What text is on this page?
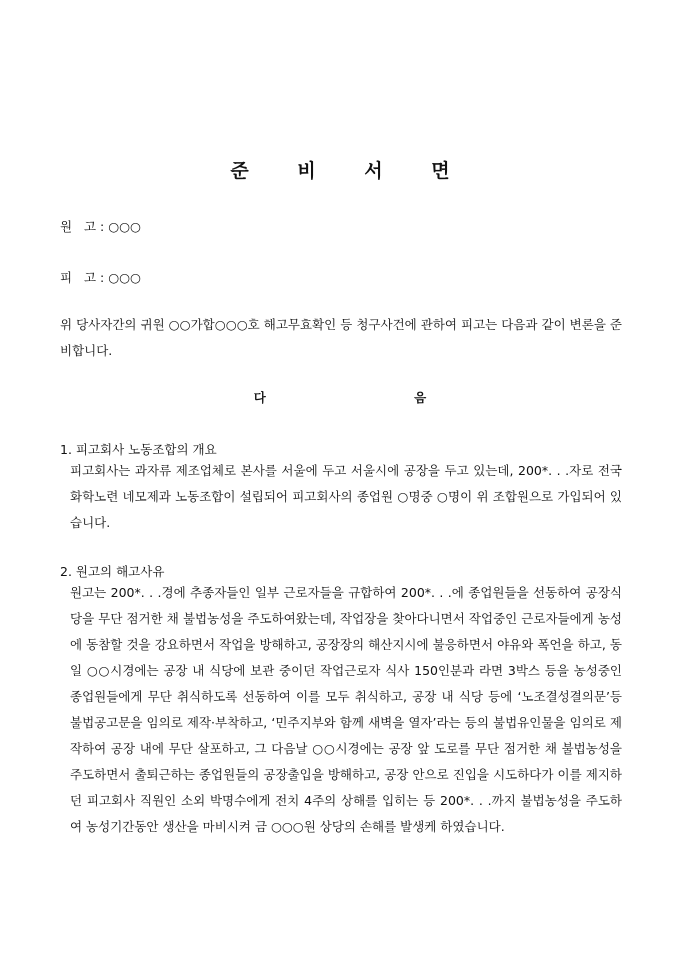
준 비 서 면
원   고 : ○○○
피   고 : ○○○

위 당사자간의 귀원 ○○가합○○○호 해고무효확인 등 청구사건에 관하여 피고는 다음과 같이 변론을 준비합니다.

다 음
1. 피고회사 노동조합의 개요

피고회사는 과자류 제조업체로 본사를 서울에 두고 서울시에 공장을 두고 있는데, 200*. . .자로 전국화학노련 네모제과 노동조합이 설립되어 피고회사의 종업원 ○명중 ○명이 위 조합원으로 가입되어 있습니다.

2. 원고의 해고사유

원고는 200*. . .경에 추종자들인 일부 근로자들을 규합하여 200*. . .에 종업원들을 선동하여 공장식당을 무단 점거한 채 불법농성을 주도하여왔는데, 작업장을 찾아다니면서 작업중인 근로자들에게 농성에 동참할 것을 강요하면서 작업을 방해하고, 공장장의 해산지시에 불응하면서 야유와 폭언을 하고, 동일 ○○시경에는 공장 내 식당에 보관 중이던 작업근로자 식사 150인분과 라면 3박스 등을 농성중인 종업원들에게 무단 취식하도록 선동하여 이를 모두 취식하고, 공장 내 식당 등에 ‘노조결성결의문’등 불법공고문을 임의로 제작·부착하고, ‘민주지부와 함께 새벽을 열자’라는 등의 불법유인물을 임의로 제작하여 공장 내에 무단 살포하고, 그 다음날 ○○시경에는 공장 앞 도로를 무단 점거한 채 불법농성을 주도하면서 출퇴근하는 종업원들의 공장출입을 방해하고, 공장 안으로 진입을 시도하다가 이를 제지하던 피고회사 직원인 소외 박명수에게 전치 4주의 상해를 입히는 등 200*. . .까지 불법농성을 주도하여 농성기간동안 생산을 마비시켜 금 ○○○원 상당의 손해를 발생케 하였습니다.
